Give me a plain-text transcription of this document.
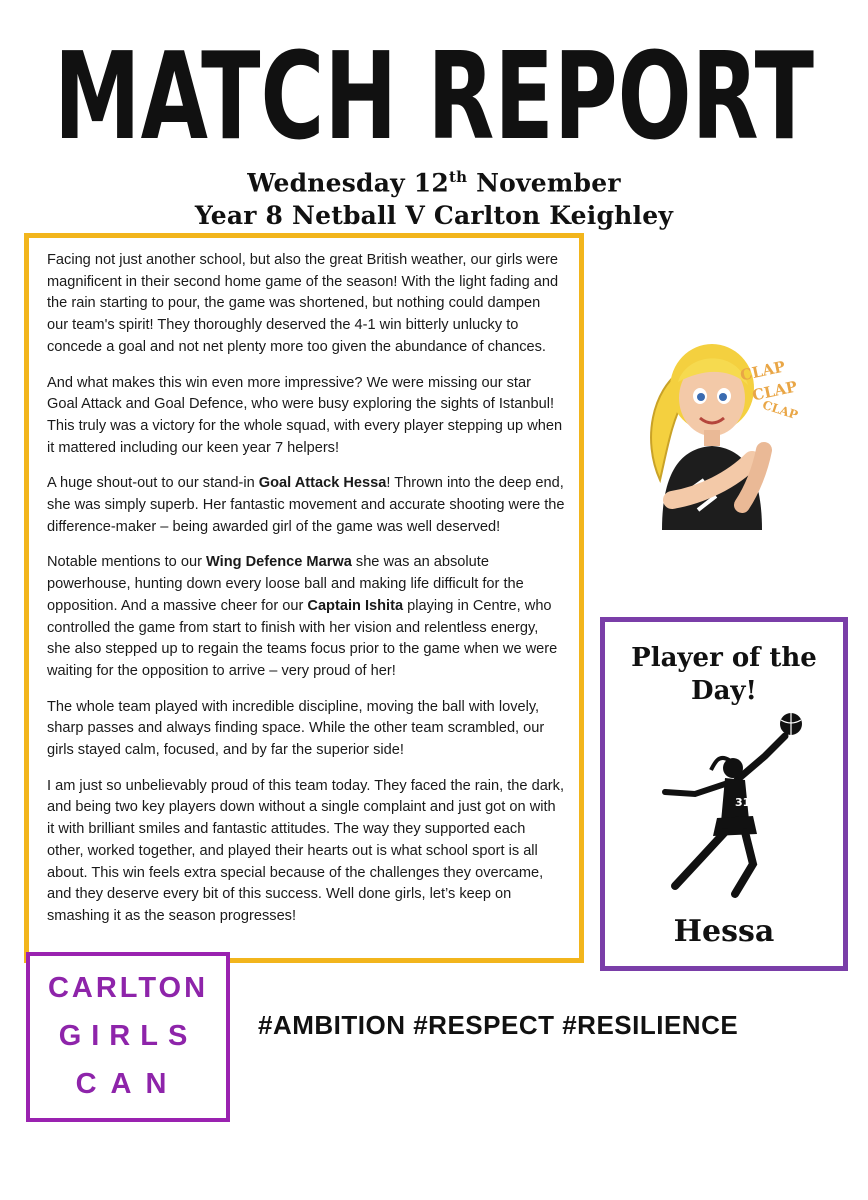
MATCH REPORT
Wednesday 12th November
Year 8 Netball V Carlton Keighley

Facing not just another school, but also the great British weather, our girls were magnificent in their second home game of the season! With the light fading and the rain starting to pour, the game was shortened, but nothing could dampen our team's spirit! They thoroughly deserved the 4-1 win bitterly unlucky to concede a goal and not net plenty more too given the abundance of chances.

And what makes this win even more impressive? We were missing our star Goal Attack and Goal Defence, who were busy exploring the sights of Istanbul! This truly was a victory for the whole squad, with every player stepping up when it mattered including our keen year 7 helpers!

A huge shout-out to our stand-in Goal Attack Hessa! Thrown into the deep end, she was simply superb. Her fantastic movement and accurate shooting were the difference-maker – being awarded girl of the game was well deserved!

Notable mentions to our Wing Defence Marwa she was an absolute powerhouse, hunting down every loose ball and making life difficult for the opposition. And a massive cheer for our Captain Ishita playing in Centre, who controlled the game from start to finish with her vision and relentless energy, she also stepped up to regain the teams focus prior to the game when we were waiting for the opposition to arrive – very proud of her!

The whole team played with incredible discipline, moving the ball with lovely, sharp passes and always finding space. While the other team scrambled, our girls stayed calm, focused, and by far the superior side!

I am just so unbelievably proud of this team today. They faced the rain, the dark, and being two key players down without a single complaint and just got on with it with brilliant smiles and fantastic attitudes. The way they supported each other, worked together, and played their hearts out is what school sport is all about. This win feels extra special because of the challenges they overcame, and they deserve every bit of this success. Well done girls, let’s keep on smashing it as the season progresses!

CLAP
CLAP
CLAP
Player of the
Day!
31
Hessa
CARLTON
GIRLS
CAN
#AMBITION #RESPECT #RESILIENCE
